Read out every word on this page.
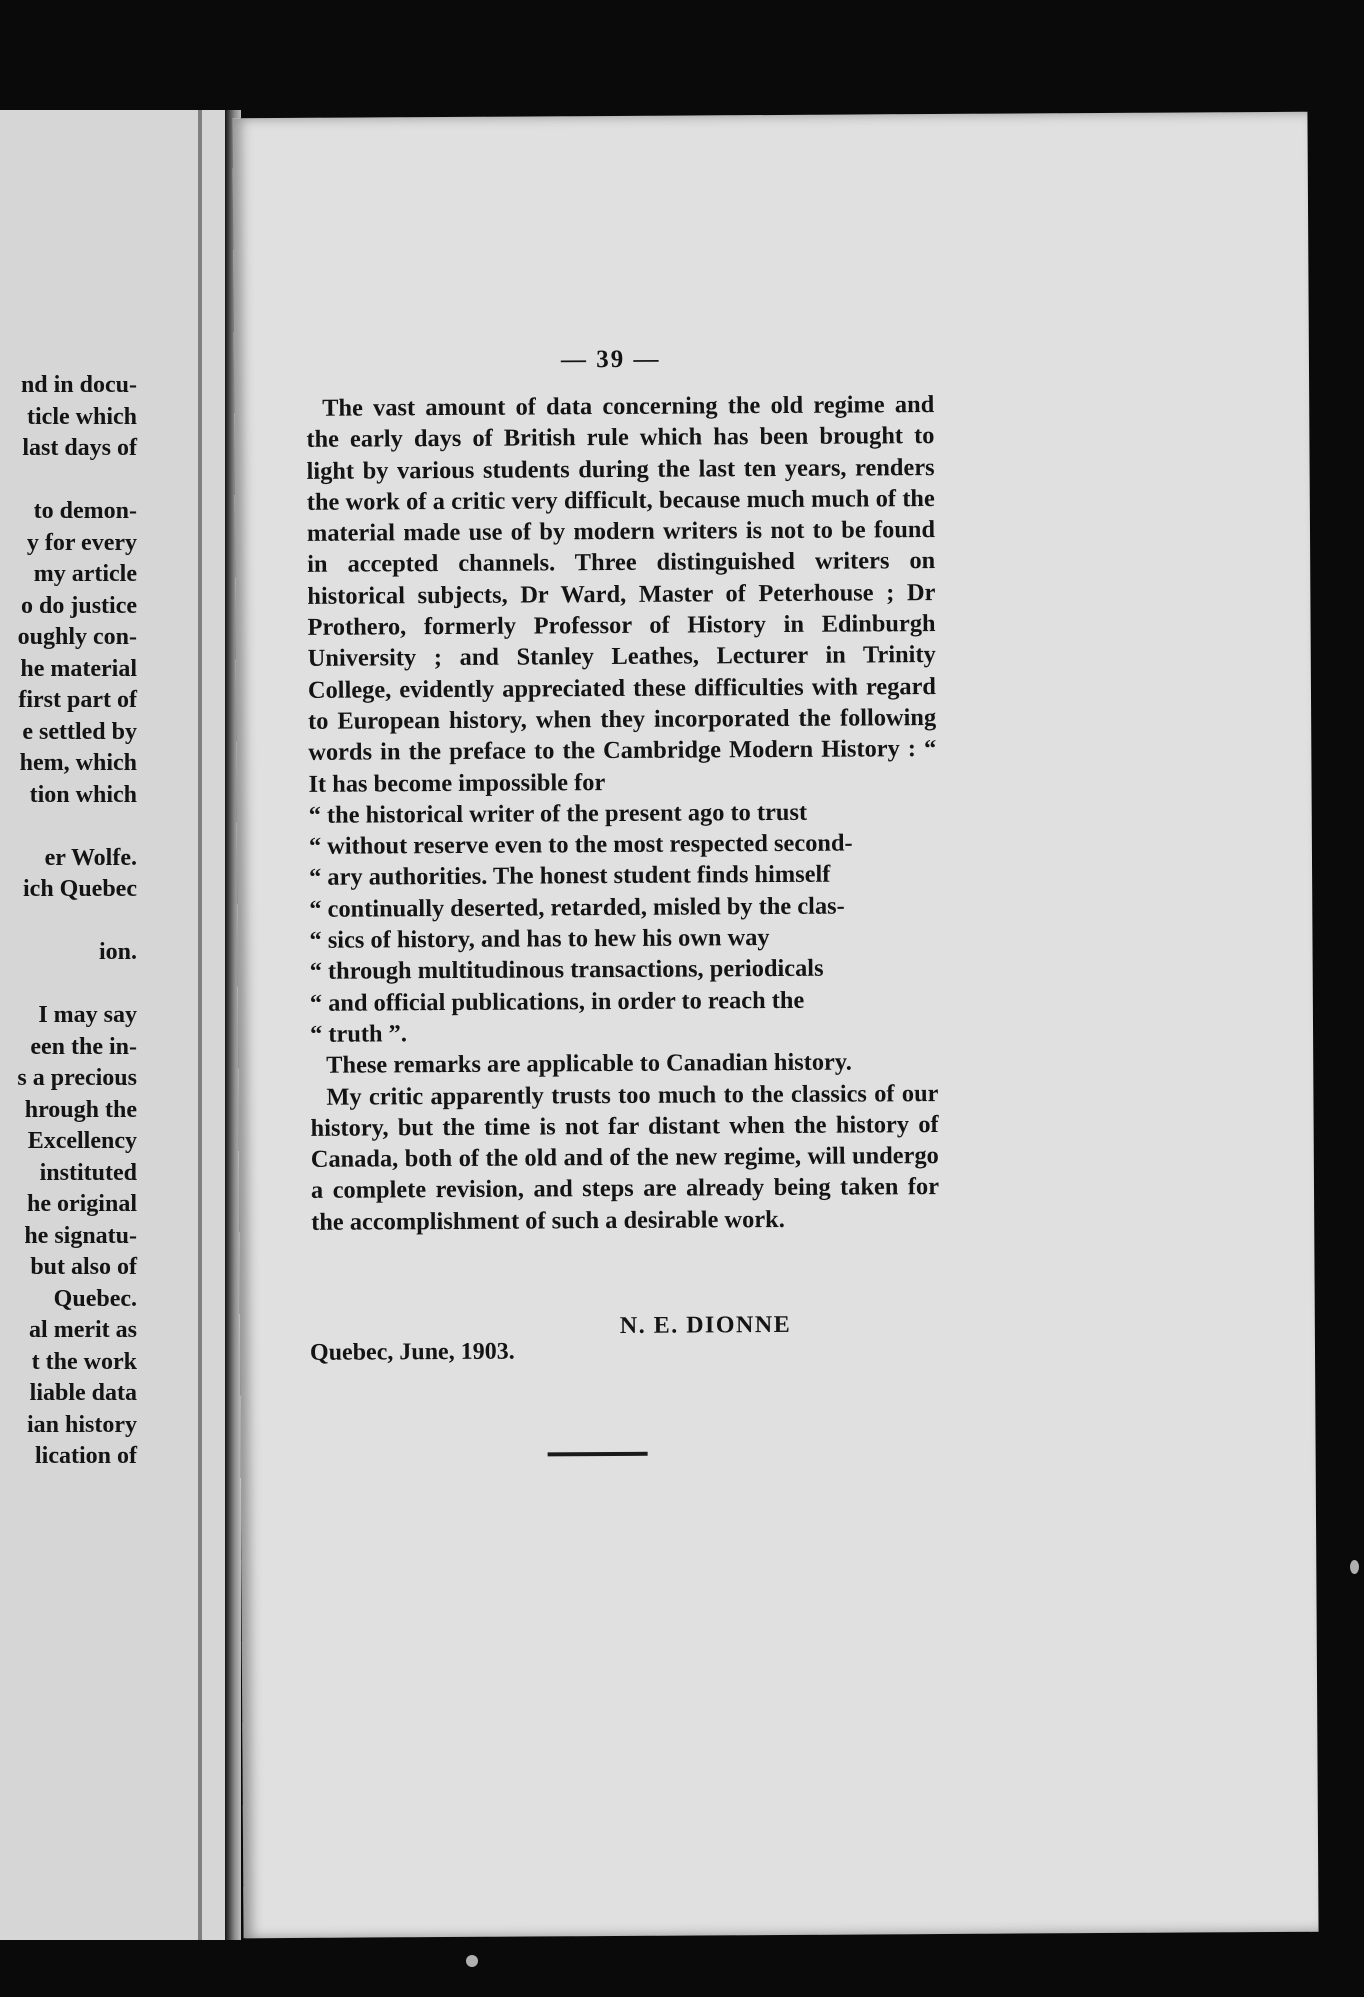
nd in docu-
ticle which
last days of
to demon-
y for every
my article
o do justice
oughly con-
he material
first part of
e settled by
hem, which
tion which
er Wolfe.
ich Quebec
ion.
I may say
een the in-
s a precious
hrough the
Excellency
instituted
he original
he signatu-
but also of
Quebec.
al merit as
t the work
liable data
ian history
lication of
— 39 —

The vast amount of data concerning the old regime and the early days of British rule which has been brought to light by various students during the last ten years, renders the work of a critic very difficult, because much much of the material made use of by modern writers is not to be found in accepted channels. Three distinguished writers on historical subjects, Dr Ward, Master of Peterhouse ; Dr Prothero, formerly Professor of History in Edinburgh University ; and Stanley Leathes, Lecturer in Trinity College, evidently appreciated these difficulties with regard to European history, when they incorporated the following words in the preface to the Cambridge Modern History : “ It has become impossible for

“ the historical writer of the present ago to trust
“ without reserve even to the most respected second-
“ ary authorities. The honest student finds himself
“ continually deserted, retarded, misled by the clas-
“ sics of history, and has to hew his own way
“ through multitudinous transactions, periodicals
“ and official publications, in order to reach the
“ truth ”.

These remarks are applicable to Canadian history.

My critic apparently trusts too much to the classics of our history, but the time is not far distant when the history of Canada, both of the old and of the new regime, will undergo a complete revision, and steps are already being taken for the accomplishment of such a desirable work.

N. E. DIONNE
Quebec, June, 1903.
